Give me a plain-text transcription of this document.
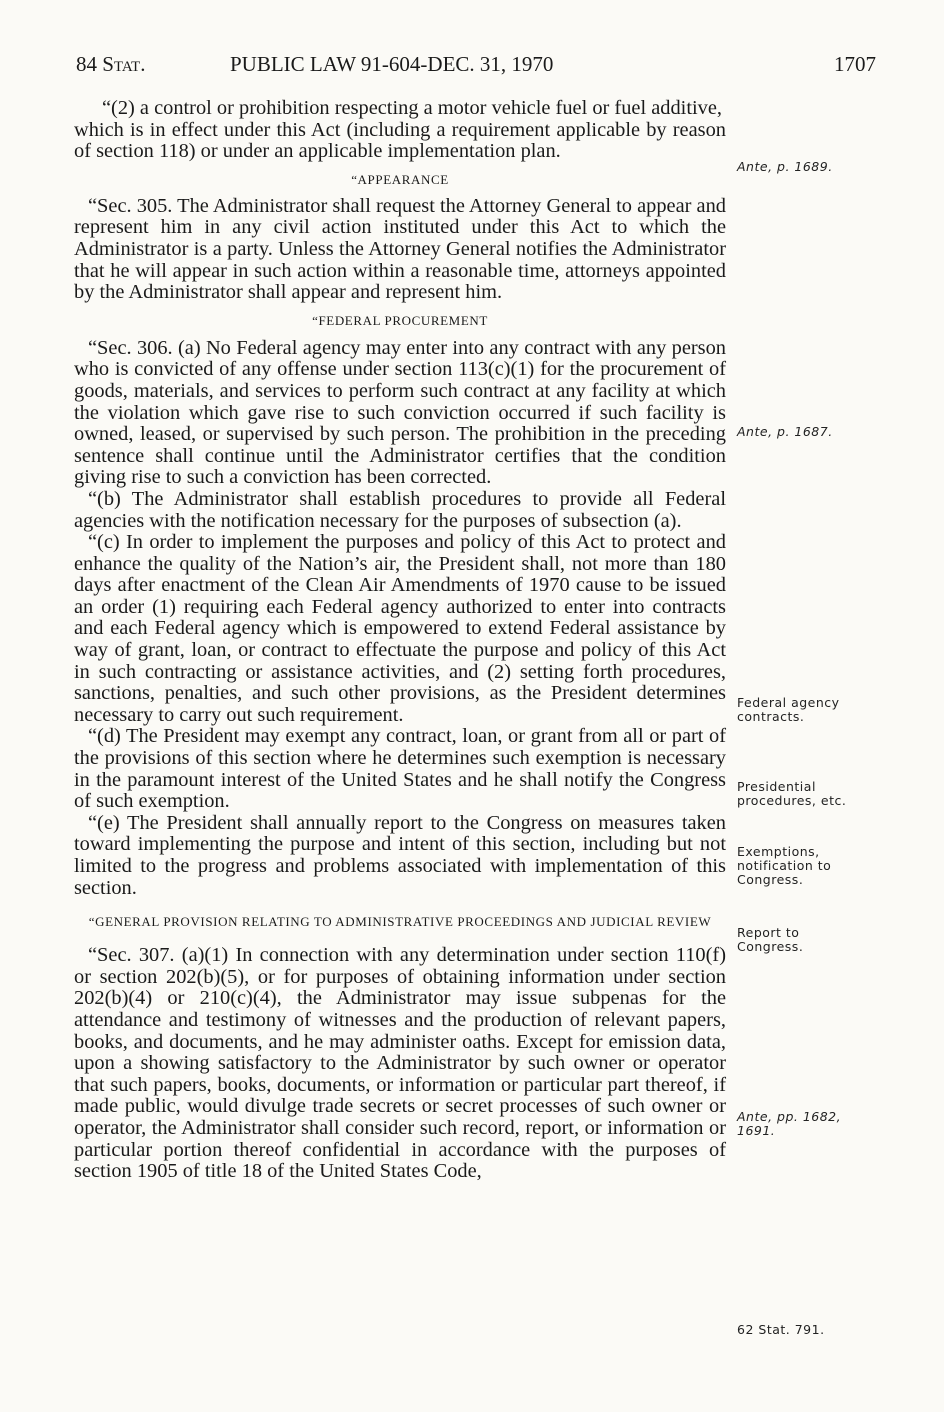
84 Stat.	PUBLIC LAW 91-604-DEC. 31, 1970	1707

“(2) a control or prohibition respecting a motor vehicle fuel or fuel additive,

which is in effect under this Act (including a requirement applicable by reason of section 118) or under an applicable implementation plan.

“APPEARANCE

“Sec. 305. The Administrator shall request the Attorney General to appear and represent him in any civil action instituted under this Act to which the Administrator is a party. Unless the Attorney General notifies the Administrator that he will appear in such action within a reasonable time, attorneys appointed by the Administrator shall appear and represent him.

“FEDERAL PROCUREMENT

“Sec. 306. (a) No Federal agency may enter into any contract with any person who is convicted of any offense under section 113(c)(1) for the procurement of goods, materials, and services to perform such contract at any facility at which the violation which gave rise to such conviction occurred if such facility is owned, leased, or supervised by such person. The prohibition in the preceding sentence shall continue until the Administrator certifies that the condition giving rise to such a conviction has been corrected.

“(b) The Administrator shall establish procedures to provide all Federal agencies with the notification necessary for the purposes of subsection (a).

“(c) In order to implement the purposes and policy of this Act to protect and enhance the quality of the Nation’s air, the President shall, not more than 180 days after enactment of the Clean Air Amendments of 1970 cause to be issued an order (1) requiring each Federal agency authorized to enter into contracts and each Federal agency which is empowered to extend Federal assistance by way of grant, loan, or contract to effectuate the purpose and policy of this Act in such contracting or assistance activities, and (2) setting forth procedures, sanctions, penalties, and such other provisions, as the President determines necessary to carry out such requirement.

“(d) The President may exempt any contract, loan, or grant from all or part of the provisions of this section where he determines such exemption is necessary in the paramount interest of the United States and he shall notify the Congress of such exemption.

“(e) The President shall annually report to the Congress on measures taken toward implementing the purpose and intent of this section, including but not limited to the progress and problems associated with implementation of this section.

“GENERAL PROVISION RELATING TO ADMINISTRATIVE PROCEEDINGS AND JUDICIAL REVIEW

“Sec. 307. (a)(1) In connection with any determination under section 110(f) or section 202(b)(5), or for purposes of obtaining information under section 202(b)(4) or 210(c)(4), the Administrator may issue subpenas for the attendance and testimony of witnesses and the production of relevant papers, books, and documents, and he may administer oaths. Except for emission data, upon a showing satisfactory to the Administrator by such owner or operator that such papers, books, documents, or information or particular part thereof, if made public, would divulge trade secrets or secret processes of such owner or operator, the Administrator shall consider such record, report, or information or particular portion thereof confidential in accordance with the purposes of section 1905 of title 18 of the United States Code,

Ante, p. 1689.
Ante, p. 1687.
Federal agency contracts.
Presidential procedures, etc.
Exemptions, notification to Congress.
Report to Congress.
Ante, pp. 1682, 1691.
62 Stat. 791.
